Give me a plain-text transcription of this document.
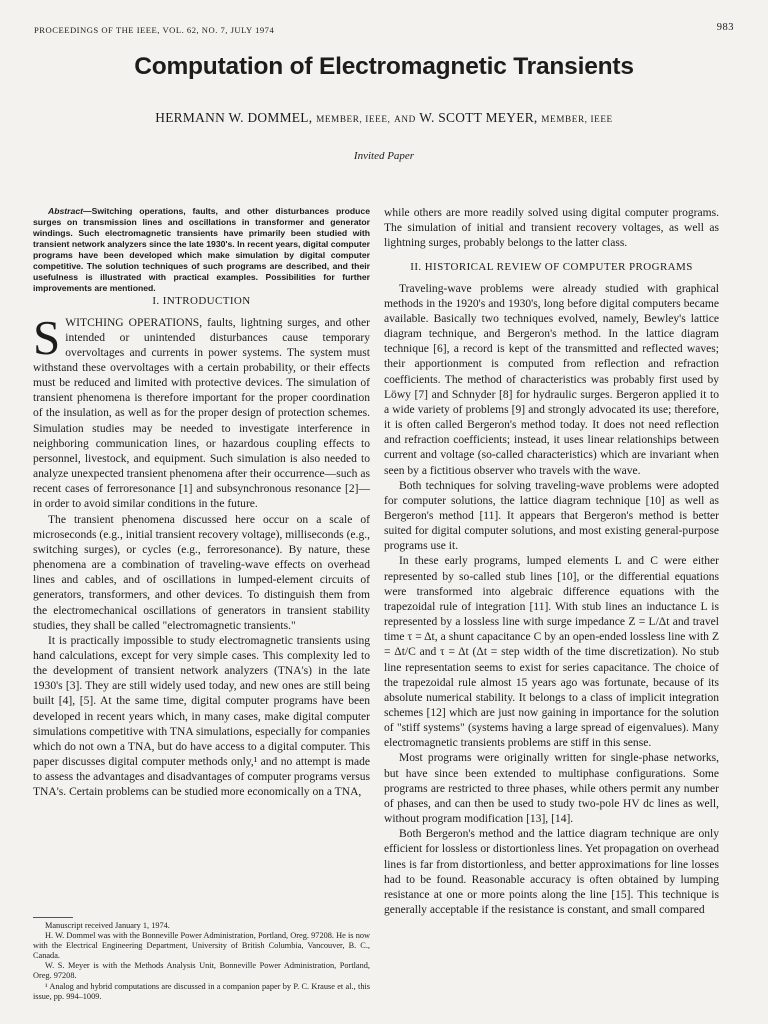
PROCEEDINGS OF THE IEEE, VOL. 62, NO. 7, JULY 1974	983
Computation of Electromagnetic Transients
HERMANN W. DOMMEL, MEMBER, IEEE, AND W. SCOTT MEYER, MEMBER, IEEE
Invited Paper

Abstract—Switching operations, faults, and other disturbances produce surges on transmission lines and oscillations in transformer and generator windings. Such electromagnetic transients have primarily been studied with transient network analyzers since the late 1930's. In recent years, digital computer programs have been developed which make simulation by digital computer competitive. The solution techniques of such programs are described, and their usefulness is illustrated with practical examples. Possibilities for further improvements are mentioned.

I. INTRODUCTION
S WITCHING OPERATIONS, faults, lightning surges, and other intended or unintended disturbances cause temporary overvoltages and currents in power systems. The system must withstand these overvoltages with a certain probability, or their effects must be reduced and limited with protective devices. The simulation of transient phenomena is therefore important for the proper coordination of the insulation, as well as for the proper design of protection schemes. Simulation studies may be needed to investigate interference in neighboring communication lines, or hazardous coupling effects to personnel, livestock, and equipment. Such simulation is also needed to analyze unexpected transient phenomena after their occurrence—such as recent cases of ferroresonance [1] and subsynchronous resonance [2]—in order to avoid similar conditions in the future.

The transient phenomena discussed here occur on a scale of microseconds (e.g., initial transient recovery voltage), milliseconds (e.g., switching surges), or cycles (e.g., ferroresonance). By nature, these phenomena are a combination of traveling-wave effects on overhead lines and cables, and of oscillations in lumped-element circuits of generators, transformers, and other devices. To distinguish them from the electromechanical oscillations of generators in transient stability studies, they shall be called "electromagnetic transients."

It is practically impossible to study electromagnetic transients using hand calculations, except for very simple cases. This complexity led to the development of transient network analyzers (TNA's) in the late 1930's [3]. They are still widely used today, and new ones are still being built [4], [5]. At the same time, digital computer programs have been developed in recent years which, in many cases, make digital computer simulations competitive with TNA simulations, especially for companies which do not own a TNA, but do have access to a digital computer. This paper discusses digital computer methods only,¹ and no attempt is made to assess the advantages and disadvantages of computer programs versus TNA's. Certain problems can be studied more economically on a TNA,

Manuscript received January 1, 1974.

H. W. Dommel was with the Bonneville Power Administration, Portland, Oreg. 97208. He is now with the Electrical Engineering Department, University of British Columbia, Vancouver, B. C., Canada.

W. S. Meyer is with the Methods Analysis Unit, Bonneville Power Administration, Portland, Oreg. 97208.

¹ Analog and hybrid computations are discussed in a companion paper by P. C. Krause et al., this issue, pp. 994–1009.

while others are more readily solved using digital computer programs. The simulation of initial and transient recovery voltages, as well as lightning surges, probably belongs to the latter class.

II. HISTORICAL REVIEW OF COMPUTER PROGRAMS

Traveling-wave problems were already studied with graphical methods in the 1920's and 1930's, long before digital computers became available. Basically two techniques evolved, namely, Bewley's lattice diagram technique, and Bergeron's method. In the lattice diagram technique [6], a record is kept of the transmitted and reflected waves; their apportionment is computed from reflection and refraction coefficients. The method of characteristics was probably first used by Löwy [7] and Schnyder [8] for hydraulic surges. Bergeron applied it to a wide variety of problems [9] and strongly advocated its use; therefore, it is often called Bergeron's method today. It does not need reflection and refraction coefficients; instead, it uses linear relationships between current and voltage (so-called characteristics) which are invariant when seen by a fictitious observer who travels with the wave.

Both techniques for solving traveling-wave problems were adopted for computer solutions, the lattice diagram technique [10] as well as Bergeron's method [11]. It appears that Bergeron's method is better suited for digital computer solutions, and most existing general-purpose programs use it.

In these early programs, lumped elements L and C were either represented by so-called stub lines [10], or the differential equations were transformed into algebraic difference equations with the trapezoidal rule of integration [11]. With stub lines an inductance L is represented by a lossless line with surge impedance Z = L/Δt and travel time τ = Δt, a shunt capacitance C by an open-ended lossless line with Z = Δt/C and τ = Δt (Δt = step width of the time discretization). No stub line representation seems to exist for series capacitance. The choice of the trapezoidal rule almost 15 years ago was fortunate, because of its absolute numerical stability. It belongs to a class of implicit integration schemes [12] which are just now gaining in importance for the solution of "stiff systems" (systems having a large spread of eigenvalues). Many electromagnetic transients problems are stiff in this sense.

Most programs were originally written for single-phase networks, but have since been extended to multiphase configurations. Some programs are restricted to three phases, while others permit any number of phases, and can then be used to study two-pole HV dc lines as well, without program modification [13], [14].

Both Bergeron's method and the lattice diagram technique are only efficient for lossless or distortionless lines. Yet propagation on overhead lines is far from distortionless, and better approximations for line losses had to be found. Reasonable accuracy is often obtained by lumping resistance at one or more points along the line [15]. This technique is generally acceptable if the resistance is constant, and small compared
